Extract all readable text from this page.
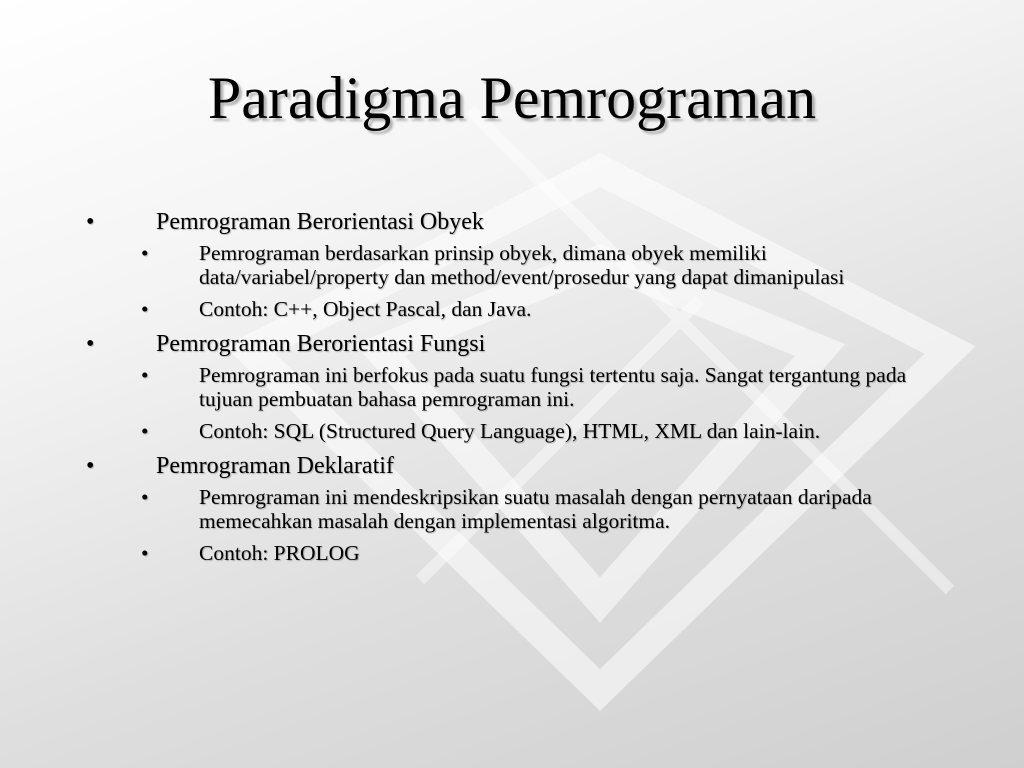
Paradigma Pemrograman
•	Pemrograman Berorientasi Obyek
• Pemrograman berdasarkan prinsip obyek, dimana obyek memiliki data/variabel/property dan method/event/prosedur yang dapat dimanipulasi
• Contoh: C++, Object Pascal, dan Java.
•	Pemrograman Berorientasi Fungsi
• Pemrograman ini berfokus pada suatu fungsi tertentu saja. Sangat tergantung pada tujuan pembuatan bahasa pemrograman ini.
• Contoh: SQL (Structured Query Language), HTML, XML dan lain-lain.
•	Pemrograman Deklaratif
• Pemrograman ini mendeskripsikan suatu masalah dengan pernyataan daripada memecahkan masalah dengan implementasi algoritma.
• Contoh: PROLOG
